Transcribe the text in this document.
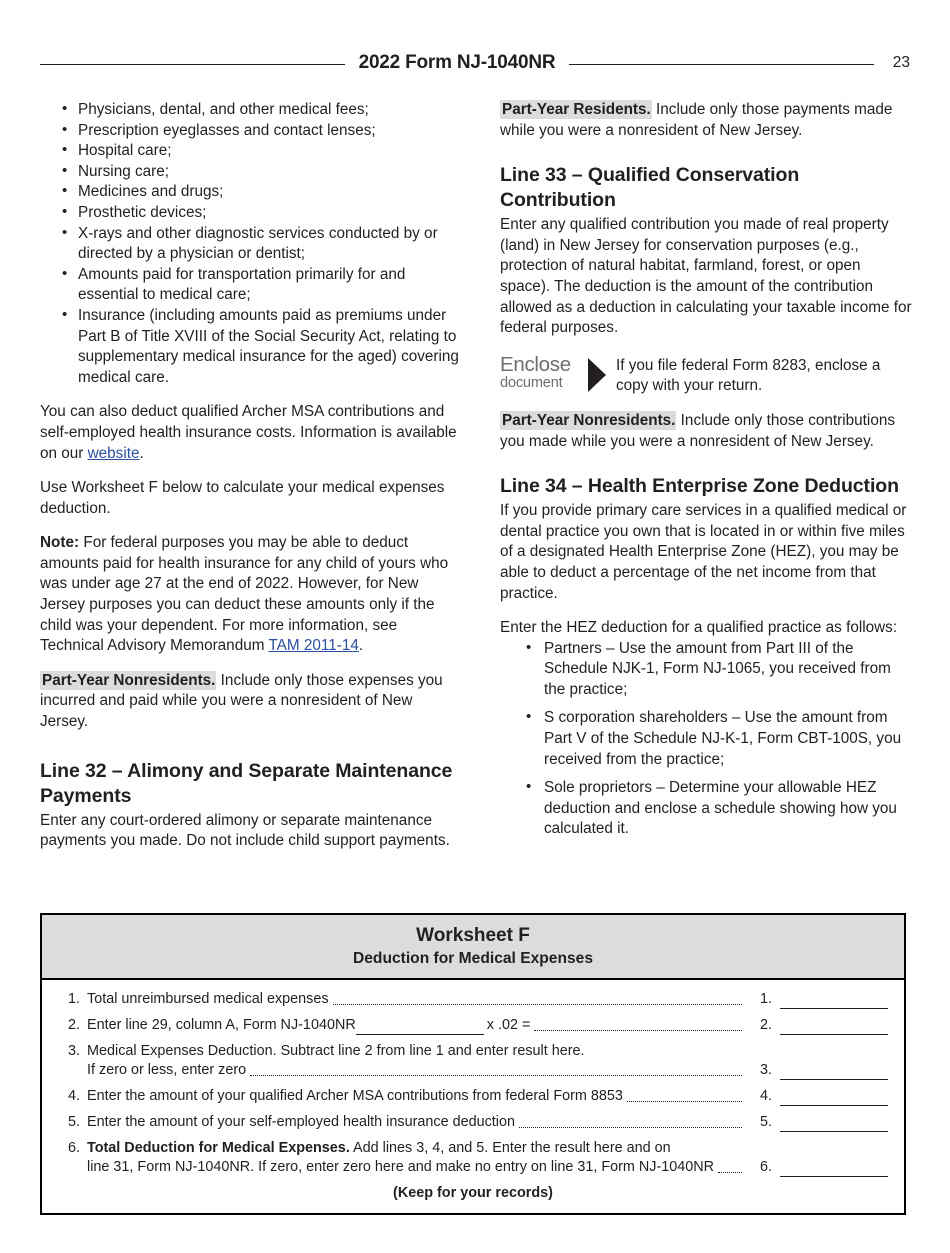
2022 Form NJ-1040NR	23
• Physicians, dental, and other medical fees;
• Prescription eyeglasses and contact lenses;
• Hospital care;
• Nursing care;
• Medicines and drugs;
• Prosthetic devices;
• X-rays and other diagnostic services conducted by or directed by a physician or dentist;
• Amounts paid for transportation primarily for and essential to medical care;
• Insurance (including amounts paid as premiums under Part B of Title XVIII of the Social Security Act, relating to supplementary medical insurance for the aged) covering medical care.

You can also deduct qualified Archer MSA contributions and self-employed health insurance costs. Information is available on our website.

Use Worksheet F below to calculate your medical expenses deduction.

Note: For federal purposes you may be able to deduct amounts paid for health insurance for any child of yours who was under age 27 at the end of 2022. However, for New Jersey purposes you can deduct these amounts only if the child was your dependent. For more information, see Technical Advisory Memorandum TAM 2011-14.

Part-Year Nonresidents. Include only those expenses you incurred and paid while you were a nonresident of New Jersey.

Line 32 – Alimony and Separate Maintenance Payments

Enter any court-ordered alimony or separate maintenance payments you made. Do not include child support payments.

Part-Year Residents. Include only those payments made while you were a nonresident of New Jersey.

Line 33 – Qualified Conservation Contribution

Enter any qualified contribution you made of real property (land) in New Jersey for conservation purposes (e.g., protection of natural habitat, farmland, forest, or open space). The deduction is the amount of the contribution allowed as a deduction in calculating your taxable income for federal purposes.

Enclose
document
If you file federal Form 8283, enclose a copy with your return.

Part-Year Nonresidents. Include only those contributions you made while you were a nonresident of New Jersey.

Line 34 – Health Enterprise Zone Deduction

If you provide primary care services in a qualified medical or dental practice you own that is located in or within five miles of a designated Health Enterprise Zone (HEZ), you may be able to deduct a percentage of the net income from that practice.

Enter the HEZ deduction for a qualified practice as follows:

• Partners – Use the amount from Part III of the Schedule NJK-1, Form NJ-1065, you received from the practice;
• S corporation shareholders – Use the amount from Part V of the Schedule NJ-K-1, Form CBT-100S, you received from the practice;
• Sole proprietors – Determine your allowable HEZ deduction and enclose a schedule showing how you calculated it.
Worksheet F
Deduction for Medical Expenses
1. Total unreimbursed medical expenses	1.
2. Enter line 29, column A, Form NJ-1040NR	x .02 =	2.
3. Medical Expenses Deduction. Subtract line 2 from line 1 and enter result here.
If zero or less, enter zero	3.
4. Enter the amount of your qualified Archer MSA contributions from federal Form 8853	4.
5. Enter the amount of your self-employed health insurance deduction	5.
6. Total Deduction for Medical Expenses. Add lines 3, 4, and 5. Enter the result here and on
line 31, Form NJ-1040NR. If zero, enter zero here and make no entry on line 31, Form NJ-1040NR	6.
(Keep for your records)
